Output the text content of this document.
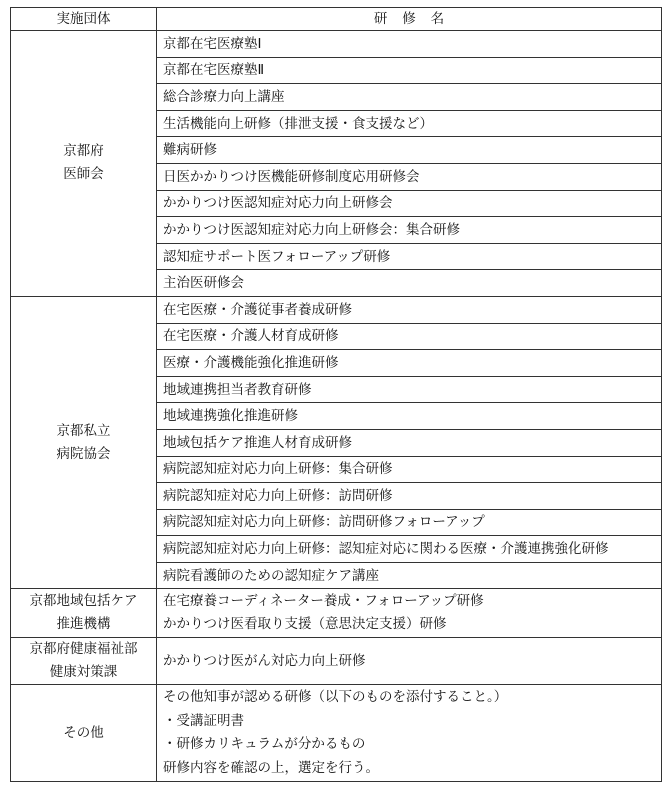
実施団体	研修名

京都府
医師会	京都在宅医療塾Ⅰ
	京都在宅医療塾Ⅱ
	総合診療力向上講座
	生活機能向上研修（排泄支援・食支援など）
	難病研修
	日医かかりつけ医機能研修制度応用研修会
	かかりつけ医認知症対応力向上研修会
	かかりつけ医認知症対応力向上研修会：集合研修
	認知症サポート医フォローアップ研修
	主治医研修会

京都私立
病院協会	在宅医療・介護従事者養成研修
	在宅医療・介護人材育成研修
	医療・介護機能強化推進研修
	地域連携担当者教育研修
	地域連携強化推進研修
	地域包括ケア推進人材育成研修
	病院認知症対応力向上研修：集合研修
	病院認知症対応力向上研修：訪問研修
	病院認知症対応力向上研修：訪問研修フォローアップ
	病院認知症対応力向上研修：認知症対応に関わる医療・介護連携強化研修
	病院看護師のための認知症ケア講座

京都地域包括ケア
推進機構	在宅療養コーディネーター養成・フォローアップ研修
かかりつけ医看取り支援（意思決定支援）研修

京都府健康福祉部
健康対策課	かかりつけ医がん対応力向上研修

その他	その他知事が認める研修（以下のものを添付すること。）
・受講証明書
・研修カリキュラムが分かるもの
研修内容を確認の上，選定を行う。
